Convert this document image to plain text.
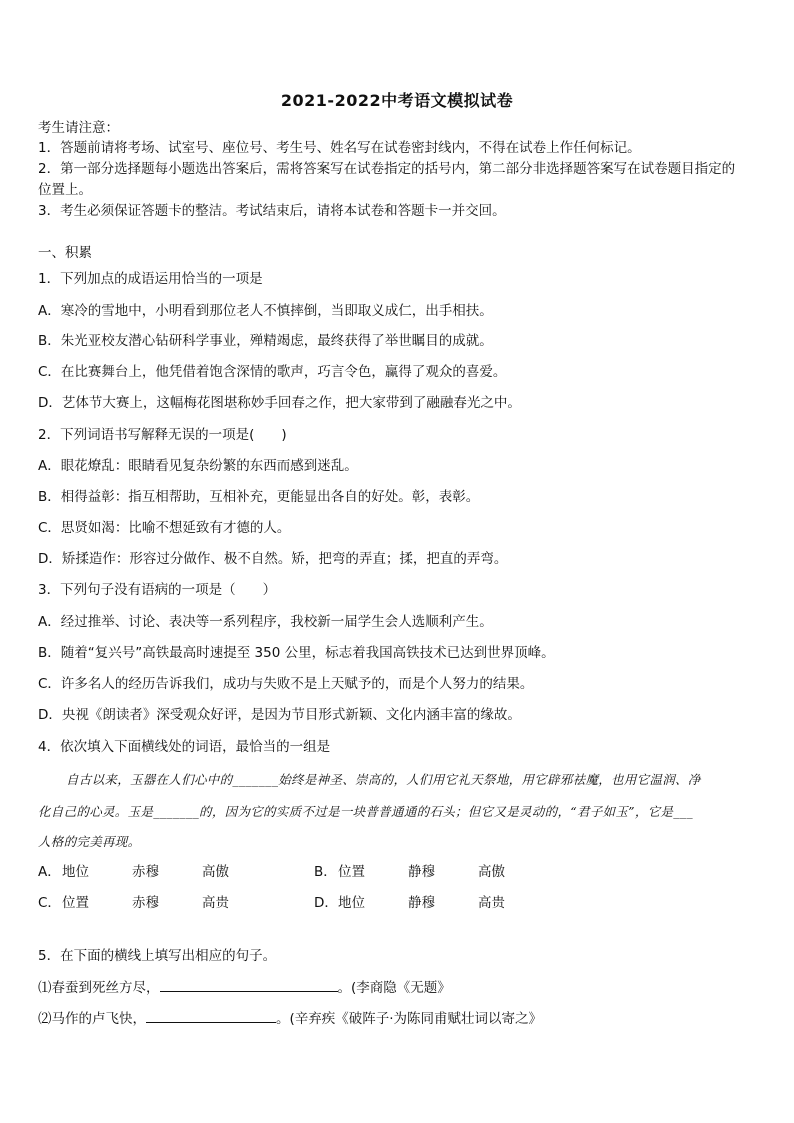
2021-2022中考语文模拟试卷
考生请注意：
1．答题前请将考场、试室号、座位号、考生号、姓名写在试卷密封线内，不得在试卷上作任何标记。
2．第一部分选择题每小题选出答案后，需将答案写在试卷指定的括号内，第二部分非选择题答案写在试卷题目指定的
位置上。
3．考生必须保证答题卡的整洁。考试结束后，请将本试卷和答题卡一并交回。
一、积累
1．下列加点的成语运用恰当的一项是
A．寒冷的雪地中，小明看到那位老人不慎摔倒，当即取义成仁，出手相扶。
B．朱光亚校友潜心钻研科学事业，殚精竭虑，最终获得了举世瞩目的成就。
C．在比赛舞台上，他凭借着饱含深情的歌声，巧言令色，赢得了观众的喜爱。
D．艺体节大赛上，这幅梅花图堪称妙手回春之作，把大家带到了融融春光之中。
2．下列词语书写解释无误的一项是(　　)
A．眼花燎乱：眼睛看见复杂纷繁的东西而感到迷乱。
B．相得益彰：指互相帮助，互相补充，更能显出各自的好处。彰，表彰。
C．思贤如渴：比喻不想延致有才德的人。
D．矫揉造作：形容过分做作、极不自然。矫，把弯的弄直；揉，把直的弄弯。
3．下列句子没有语病的一项是（　　）
A．经过推举、讨论、表决等一系列程序，我校新一届学生会人选顺利产生。
B．随着“复兴号”高铁最高时速提至 350 公里，标志着我国高铁技术已达到世界顶峰。
C．许多名人的经历告诉我们，成功与失败不是上天赋予的，而是个人努力的结果。
D．央视《朗读者》深受观众好评，是因为节目形式新颖、文化内涵丰富的缘故。
4．依次填入下面横线处的词语，最恰当的一组是
自古以来，玉器在人们心中的_______始终是神圣、崇高的，人们用它礼天祭地，用它辟邪祛魔，也用它温润、净
化自己的心灵。玉是_______的，因为它的实质不过是一块普普通通的石头；但它又是灵动的，“君子如玉”，它是___
人格的完美再现。
A． 地位	赤穆	高傲	B． 位置	静穆	高傲
C． 位置	赤穆	高贵	D． 地位	静穆	高贵
5．在下面的横线上填写出相应的句子。
⑴春蚕到死丝方尽，	。(李商隐《无题》
⑵马作的卢飞快，	。(辛弃疾《破阵子·为陈同甫赋壮词以寄之》
